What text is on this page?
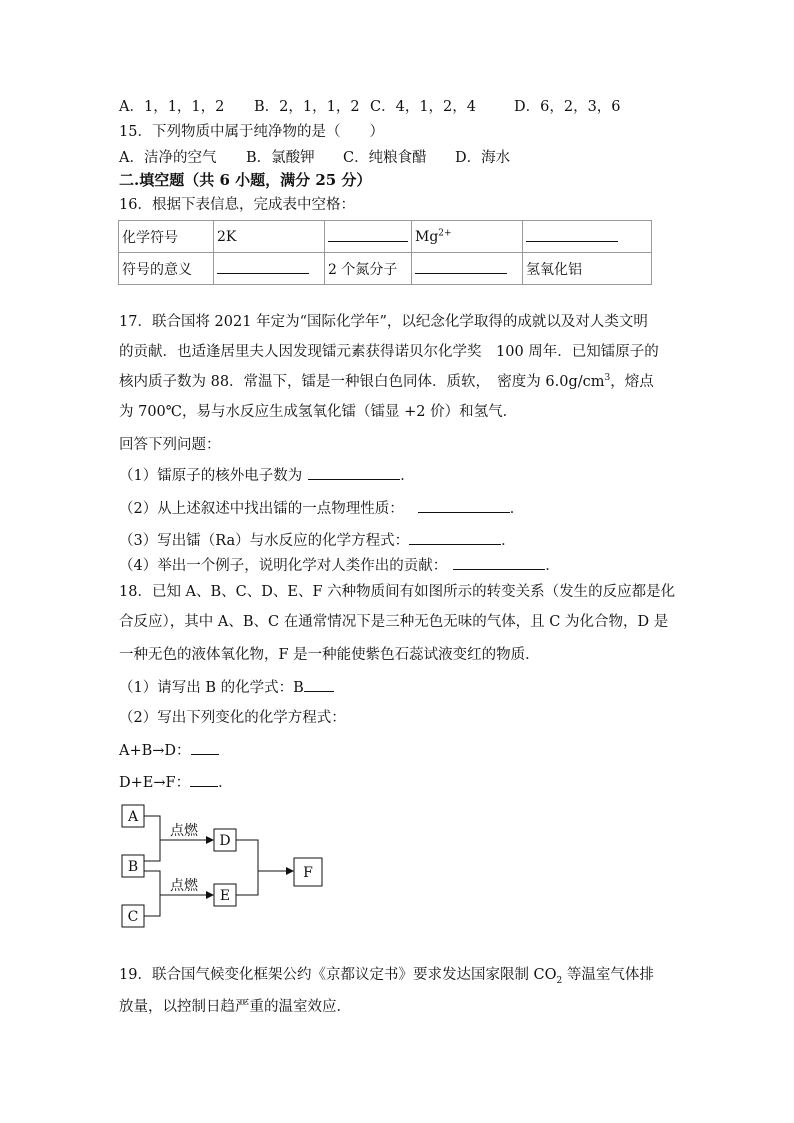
A．1，1，1，2 B．2，1，1，2 C．4，1，2，4	D．6，2，3，6
15．下列物质中属于纯净物的是（　　）
A．洁净的空气 B．氯酸钾 C．纯粮食醋 D．海水
二.填空题（共 6 小题，满分 25 分）
16．根据下表信息，完成表中空格：
化学符号	2K		$Mg^{2+}$	
符号的意义		2 个氮分子		氢氧化铝
17．联合国将 2021 年定为“国际化学年”，以纪念化学取得的成就以及对人类文明
的贡献．也适逢居里夫人因发现镭元素获得诺贝尔化学奖　100 周年．已知镭原子的
核内质子数为 88．常温下，镭是一种银白色同体．质软，　密度为 $6.0g/cm^3$，熔点
为 700℃，易与水反应生成氢氧化镭（镭显 +2 价）和氢气．
回答下列问题：
（1）镭原子的核外电子数为	．
（2）从上述叙述中找出镭的一点物理性质：	．
（3）写出镭（Ra）与水反应的化学方程式：	．
（4）举出一个例子，说明化学对人类作出的贡献：	．
18．已知 A、B、C、D、E、F 六种物质间有如图所示的转变关系（发生的反应都是化
合反应），其中 A、B、C 在通常情况下是三种无色无味的气体，且 C 为化合物，D 是
一种无色的液体氧化物，F 是一种能使紫色石蕊试液变红的物质．
（1）请写出 B 的化学式：B
（2）写出下列变化的化学方程式：
A+B→D：
D+E→F： ．
A
B
C
D
E
F
点燃
点燃
19．联合国气候变化框架公约《京都议定书》要求发达国家限制 $CO_2$ 等温室气体排
放量，以控制日趋严重的温室效应．
